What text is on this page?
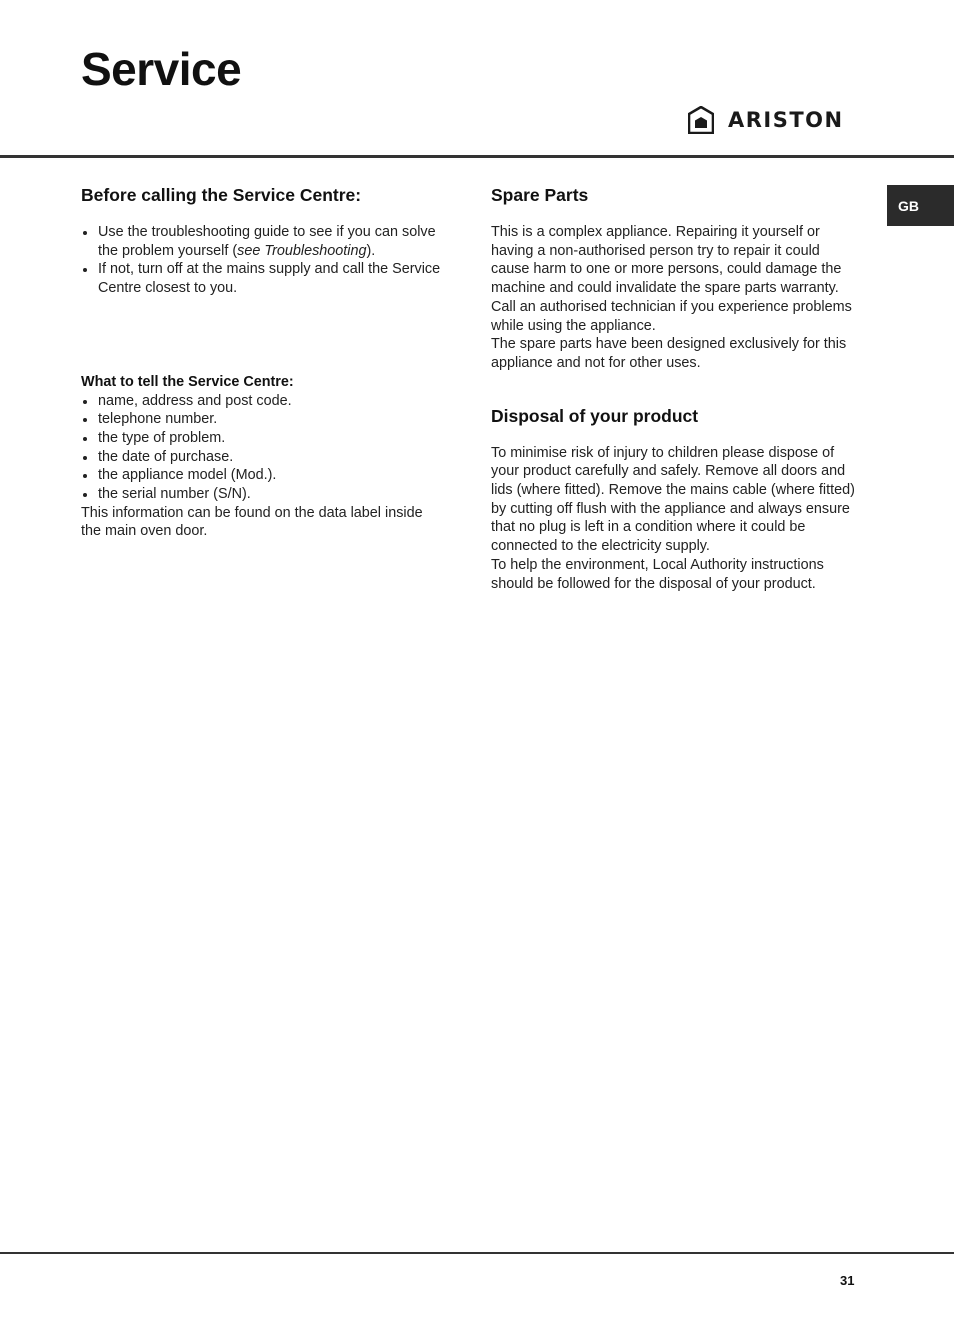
Service
ARISTON
GB
Before calling the Service Centre:
Use the troubleshooting guide to see if you can solve the problem yourself (see Troubleshooting).
If not, turn off at the mains supply and call the Service Centre closest to you.

What to tell the Service Centre:

name, address and post code.
telephone number.
the type of problem.
the date of purchase.
the appliance model (Mod.).
the serial number (S/N).

This information can be found on the data label inside the main oven door.

Spare Parts

This is a complex appliance. Repairing it yourself or having a non-authorised person try to repair it could cause harm to one or more persons, could damage the machine and could invalidate the spare parts warranty.

Call an authorised technician if you experience problems while using the appliance.

The spare parts have been designed exclusively for this appliance and not for other uses.

Disposal of your product

To minimise risk of injury to children please dispose of your product carefully and safely. Remove all doors and lids (where fitted). Remove the mains cable (where fitted) by cutting off flush with the appliance and always ensure that no plug is left in a condition where it could be connected to the electricity supply.

To help the environment, Local Authority instructions should be followed for the disposal of your product.

31
